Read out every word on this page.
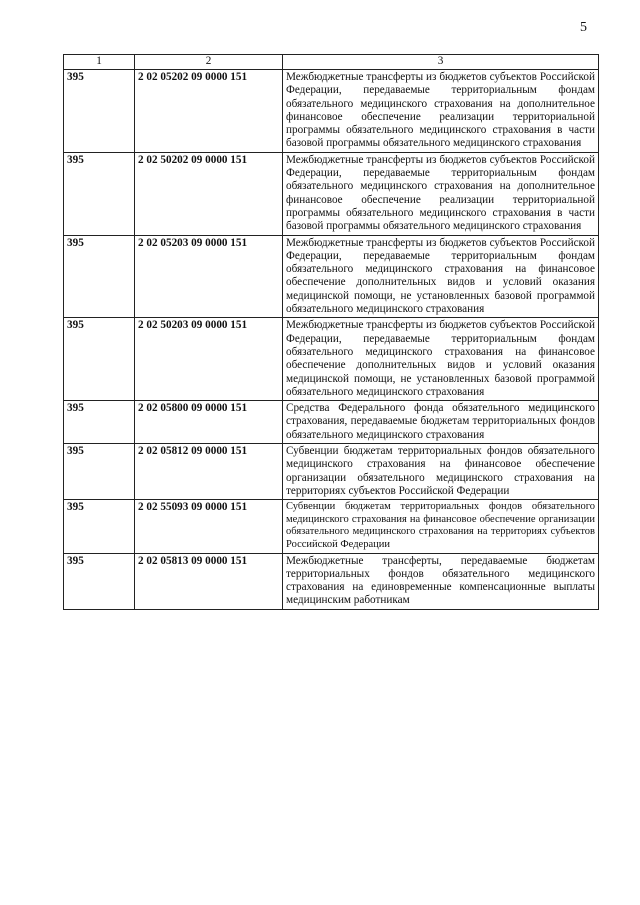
5
1	2	3
395	2 02 05202 09 0000 151	Межбюджетные трансферты из бюджетов субъектов Российской Федерации, передаваемые территориальным фондам обязательного медицинского страхования на дополнительное финансовое обеспечение реализации территориальной программы обязательного медицинского страхования в части базовой программы обязательного медицинского страхования
395	2 02 50202 09 0000 151	Межбюджетные трансферты из бюджетов субъектов Российской Федерации, передаваемые территориальным фондам обязательного медицинского страхования на дополнительное финансовое обеспечение реализации территориальной программы обязательного медицинского страхования в части базовой программы обязательного медицинского страхования
395	2 02 05203 09 0000 151	Межбюджетные трансферты из бюджетов субъектов Российской Федерации, передаваемые территориальным фондам обязательного медицинского страхования на финансовое обеспечение дополнительных видов и условий оказания медицинской помощи, не установленных базовой программой обязательного медицинского страхования
395	2 02 50203 09 0000 151	Межбюджетные трансферты из бюджетов субъектов Российской Федерации, передаваемые территориальным фондам обязательного медицинского страхования на финансовое обеспечение дополнительных видов и условий оказания медицинской помощи, не установленных базовой программой обязательного медицинского страхования
395	2 02 05800 09 0000 151	Средства Федерального фонда обязательного медицинского страхования, передаваемые бюджетам территориальных фондов обязательного медицинского страхования
395	2 02 05812 09 0000 151	Субвенции бюджетам территориальных фондов обязательного медицинского страхования на финансовое обеспечение организации обязательного медицинского страхования на территориях субъектов Российской Федерации
395	2 02 55093 09 0000 151	Субвенции бюджетам территориальных фондов обязательного медицинского страхования на финансовое обеспечение организации обязательного медицинского страхования на территориях субъектов Российской Федерации
395	2 02 05813 09 0000 151	Межбюджетные трансферты, передаваемые бюджетам территориальных фондов обязательного медицинского страхования на единовременные компенсационные выплаты медицинским работникам
